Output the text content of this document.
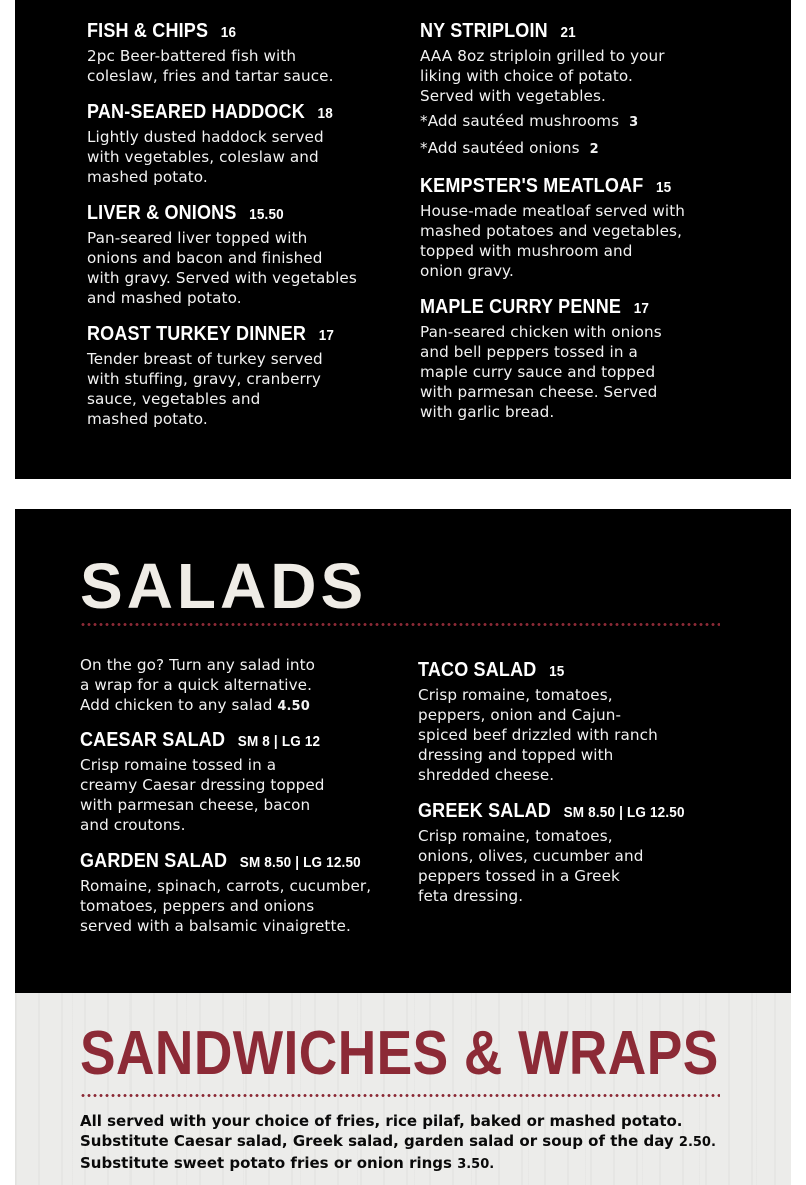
FISH & CHIPS 16
2pc Beer-battered fish with
coleslaw, fries and tartar sauce.
PAN-SEARED HADDOCK 18
Lightly dusted haddock served
with vegetables, coleslaw and
mashed potato.
LIVER & ONIONS 15.50
Pan-seared liver topped with
onions and bacon and finished
with gravy. Served with vegetables
and mashed potato.
ROAST TURKEY DINNER 17
Tender breast of turkey served
with stuffing, gravy, cranberry
sauce, vegetables and
mashed potato.
NY STRIPLOIN 21
AAA 8oz striploin grilled to your
liking with choice of potato.
Served with vegetables.
*Add sautéed mushrooms 3
*Add sautéed onions 2
KEMPSTER'S MEATLOAF 15
House-made meatloaf served with
mashed potatoes and vegetables,
topped with mushroom and
onion gravy.
MAPLE CURRY PENNE 17
Pan-seared chicken with onions
and bell peppers tossed in a
maple curry sauce and topped
with parmesan cheese. Served
with garlic bread.
SALADS
On the go? Turn any salad into
a wrap for a quick alternative.
Add chicken to any salad 4.50
CAESAR SALAD SM 8 | LG 12
Crisp romaine tossed in a
creamy Caesar dressing topped
with parmesan cheese, bacon
and croutons.
GARDEN SALAD SM 8.50 | LG 12.50
Romaine, spinach, carrots, cucumber,
tomatoes, peppers and onions
served with a balsamic vinaigrette.
TACO SALAD 15
Crisp romaine, tomatoes,
peppers, onion and Cajun-
spiced beef drizzled with ranch
dressing and topped with
shredded cheese.
GREEK SALAD SM 8.50 | LG 12.50
Crisp romaine, tomatoes,
onions, olives, cucumber and
peppers tossed in a Greek
feta dressing.
SANDWICHES & WRAPS
All served with your choice of fries, rice pilaf, baked or mashed potato.
Substitute Caesar salad, Greek salad, garden salad or soup of the day 2.50.
Substitute sweet potato fries or onion rings 3.50.
